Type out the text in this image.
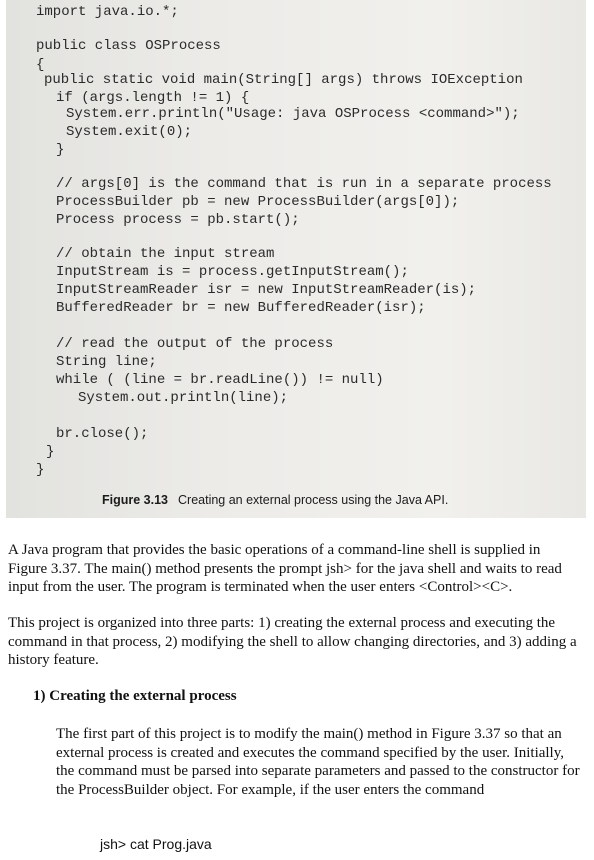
import java.io.*;
public class OSProcess
{
public static void main(String[] args) throws IOException
if (args.length != 1) {
System.err.println("Usage: java OSProcess <command>");
System.exit(0);
}
// args[0] is the command that is run in a separate process
ProcessBuilder pb = new ProcessBuilder(args[0]);
Process process = pb.start();
// obtain the input stream
InputStream is = process.getInputStream();
InputStreamReader isr = new InputStreamReader(is);
BufferedReader br = new BufferedReader(isr);
// read the output of the process
String line;
while ( (line = br.readLine()) != null)
System.out.println(line);
br.close();
}
}
Figure 3.13 Creating an external process using the Java API.

A Java program that provides the basic operations of a command-line shell is supplied in Figure 3.37. The main() method presents the prompt jsh> for the java shell and waits to read input from the user. The program is terminated when the user enters <Control><C>.

This project is organized into three parts: 1) creating the external process and executing the command in that process, 2) modifying the shell to allow changing directories, and 3) adding a history feature.

1) Creating the external process

The first part of this project is to modify the main() method in Figure 3.37 so that an external process is created and executes the command specified by the user. Initially, the command must be parsed into separate parameters and passed to the constructor for the ProcessBuilder object. For example, if the user enters the command

jsh> cat Prog.java
